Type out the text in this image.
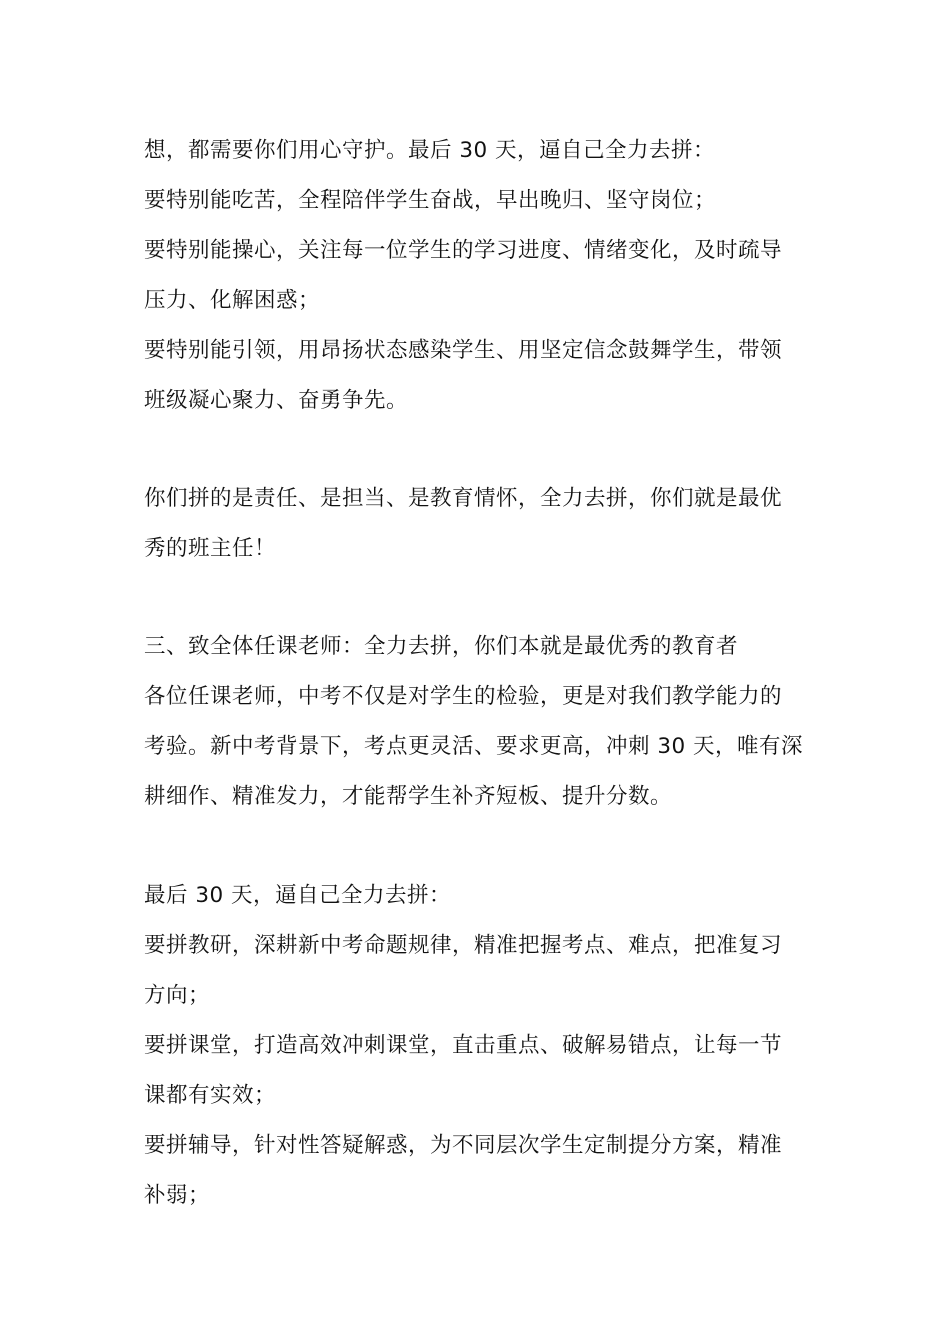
想，都需要你们用心守护。最后 30 天，逼自己全力去拼：
要特别能吃苦，全程陪伴学生奋战，早出晚归、坚守岗位；
要特别能操心，关注每一位学生的学习进度、情绪变化，及时疏导
压力、化解困惑；
要特别能引领，用昂扬状态感染学生、用坚定信念鼓舞学生，带领
班级凝心聚力、奋勇争先。
你们拼的是责任、是担当、是教育情怀，全力去拼，你们就是最优
秀的班主任！
三、致全体任课老师：全力去拼，你们本就是最优秀的教育者
各位任课老师，中考不仅是对学生的检验，更是对我们教学能力的
考验。新中考背景下，考点更灵活、要求更高，冲刺 30 天，唯有深
耕细作、精准发力，才能帮学生补齐短板、提升分数。
最后 30 天，逼自己全力去拼：
要拼教研，深耕新中考命题规律，精准把握考点、难点，把准复习
方向；
要拼课堂，打造高效冲刺课堂，直击重点、破解易错点，让每一节
课都有实效；
要拼辅导，针对性答疑解惑，为不同层次学生定制提分方案，精准
补弱；
